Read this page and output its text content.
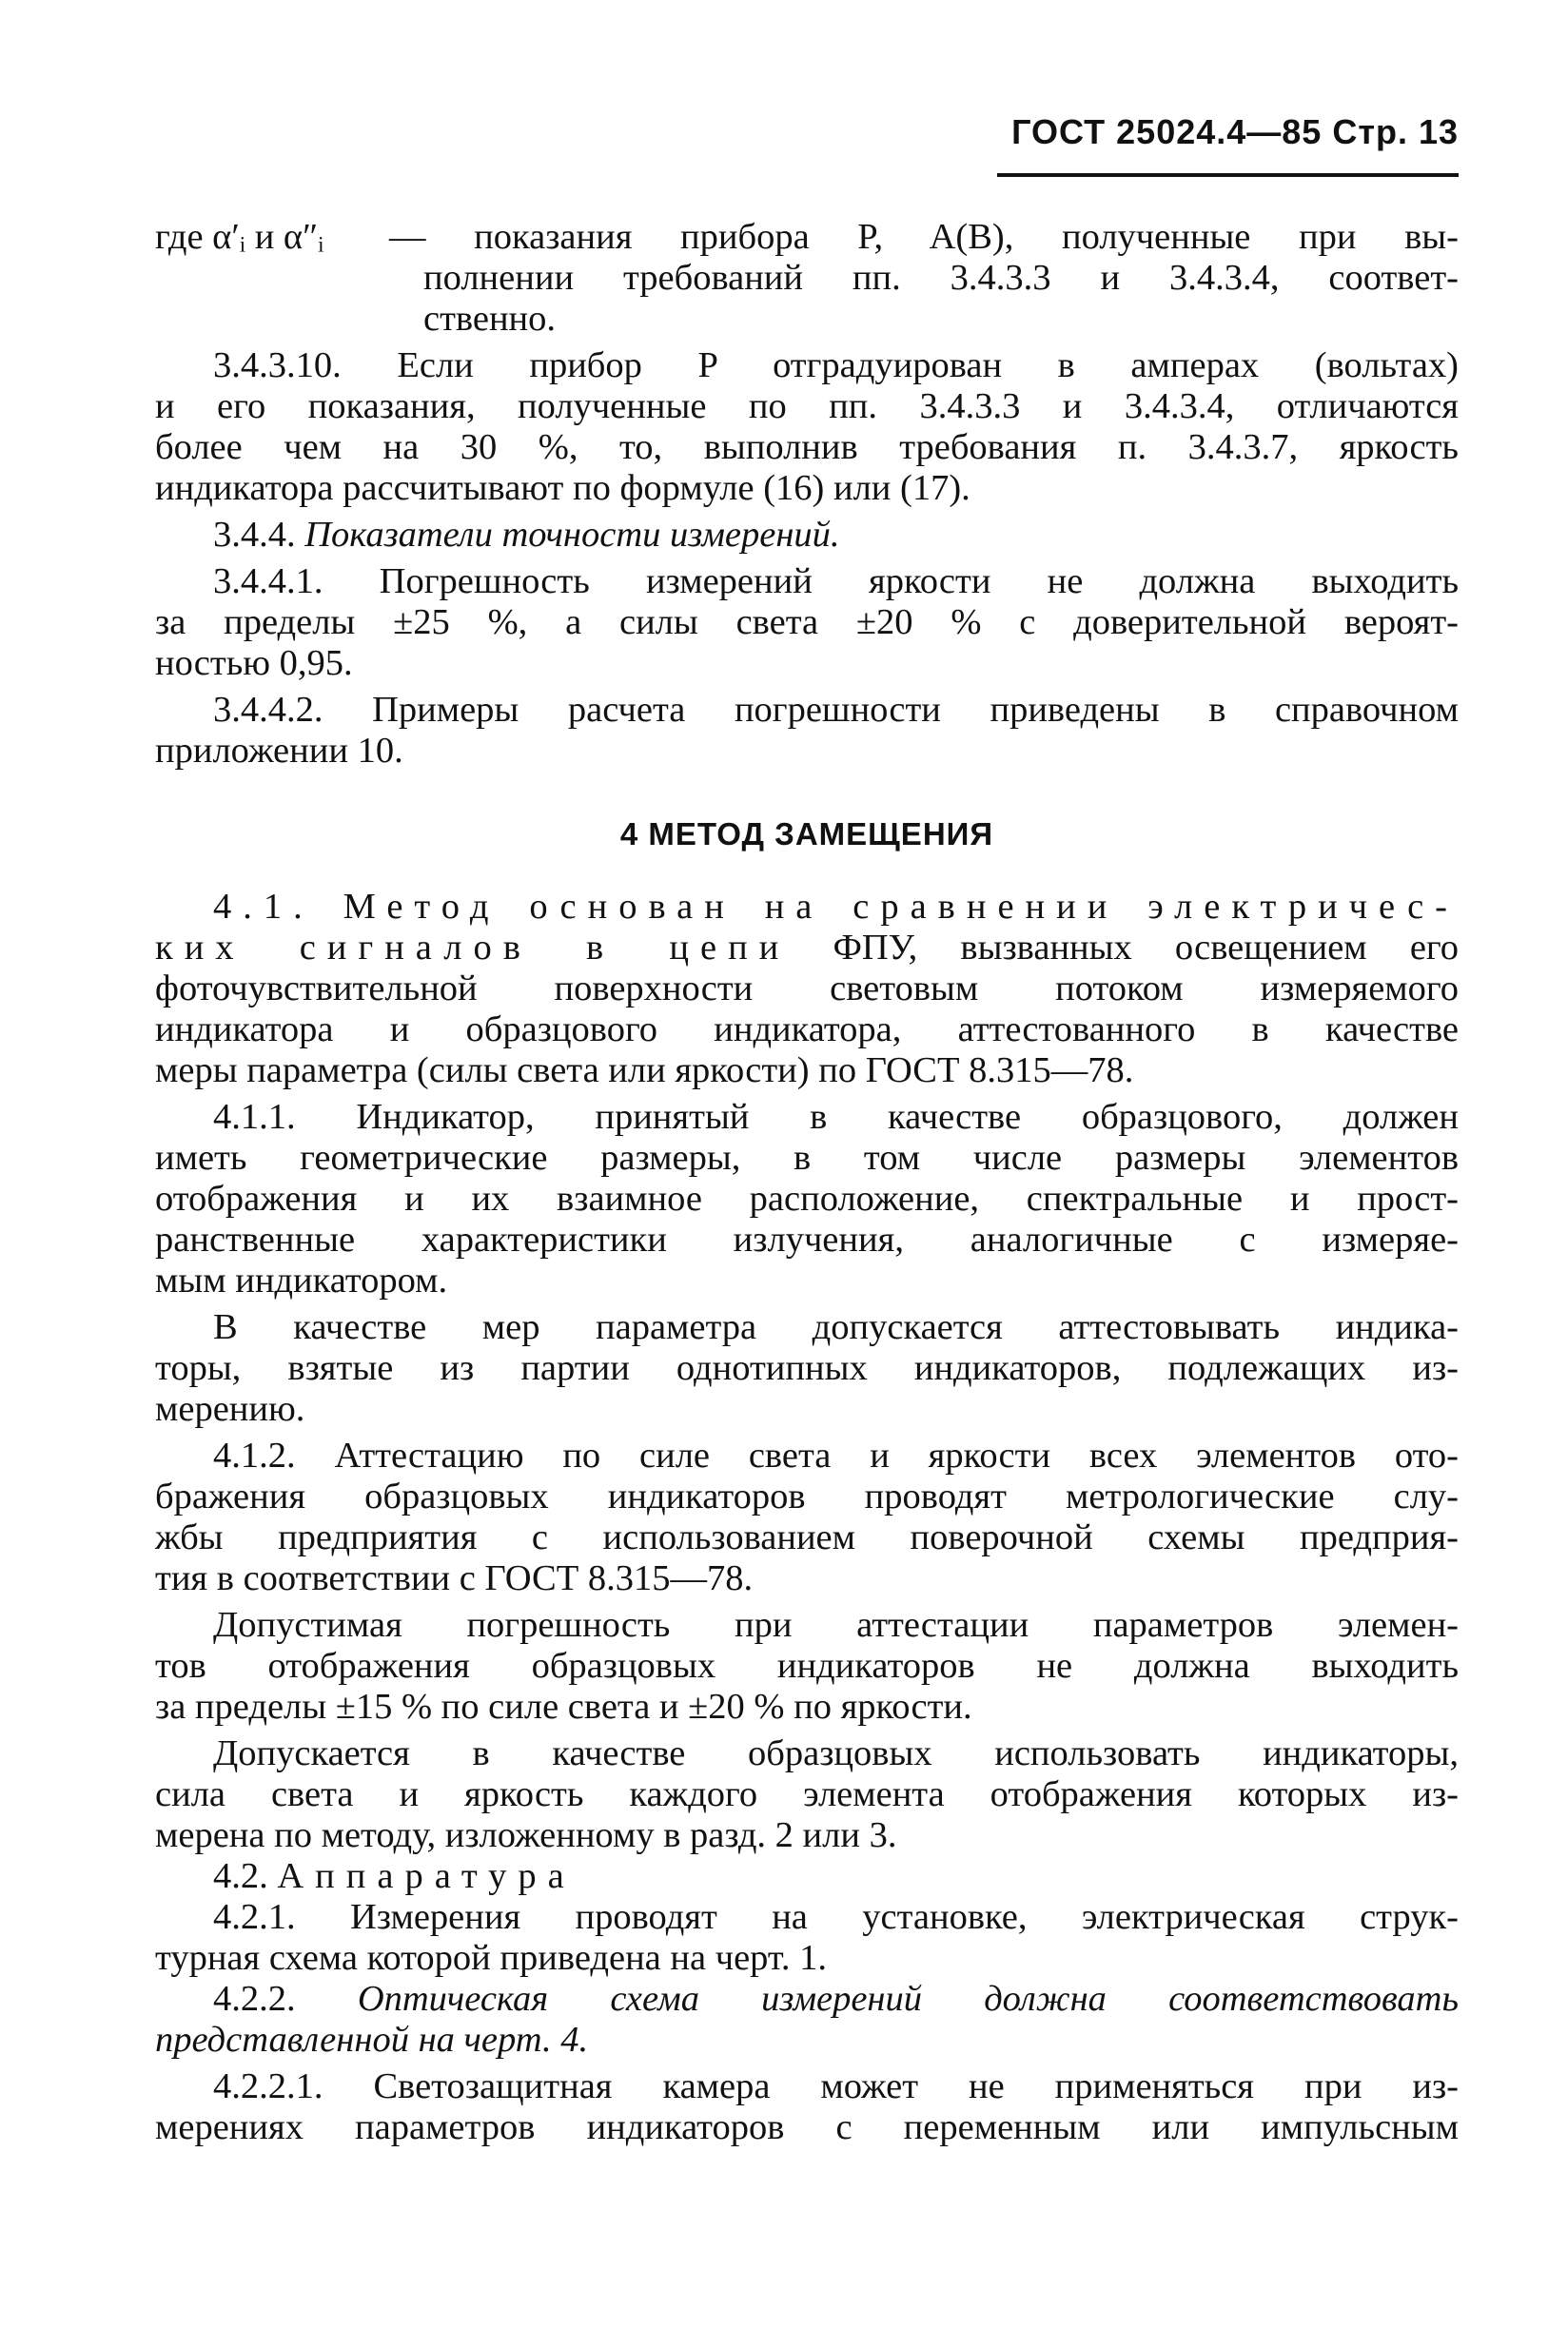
ГОСТ 25024.4—85 Стр. 13
где α′ᵢ и α″ᵢ	— показания прибора P, A(B), полученные при вы-
полнении требований пп. 3.4.3.3 и 3.4.3.4, соответ-
ственно.
3.4.3.10. Если прибор P отградуирован в амперах (вольтах)
и его показания, полученные по пп. 3.4.3.3 и 3.4.3.4, отличаются
более чем на 30 %, то, выполнив требования п. 3.4.3.7, яркость
индикатора рассчитывают по формуле (16) или (17).
3.4.4. Показатели точности измерений.
3.4.4.1. Погрешность измерений яркости не должна выходить
за пределы ±25 %, а силы света ±20 % с доверительной вероят-
ностью 0,95.
3.4.4.2. Примеры расчета погрешности приведены в справочном
приложении 10.
4 МЕТОД ЗАМЕЩЕНИЯ
4.1. Метод основан на сравнении электричес-
ких сигналов в цепи ФПУ, вызванных освещением его
фоточувствительной поверхности световым потоком измеряемого
индикатора и образцового индикатора, аттестованного в качестве
меры параметра (силы света или яркости) по ГОСТ 8.315—78.
4.1.1. Индикатор, принятый в качестве образцового, должен
иметь геометрические размеры, в том числе размеры элементов
отображения и их взаимное расположение, спектральные и прост-
ранственные характеристики излучения, аналогичные с измеряе-
мым индикатором.
В качестве мер параметра допускается аттестовывать индика-
торы, взятые из партии однотипных индикаторов, подлежащих из-
мерению.
4.1.2. Аттестацию по силе света и яркости всех элементов ото-
бражения образцовых индикаторов проводят метрологические слу-
жбы предприятия с использованием поверочной схемы предприя-
тия в соответствии с ГОСТ 8.315—78.
Допустимая погрешность при аттестации параметров элемен-
тов отображения образцовых индикаторов не должна выходить
за пределы ±15 % по силе света и ±20 % по яркости.
Допускается в качестве образцовых использовать индикаторы,
сила света и яркость каждого элемента отображения которых из-
мерена по методу, изложенному в разд. 2 или 3.
4.2. Аппаратура
4.2.1. Измерения проводят на установке, электрическая струк-
турная схема которой приведена на черт. 1.
4.2.2. Оптическая схема измерений должна соответствовать
представленной на черт. 4.
4.2.2.1. Светозащитная камера может не применяться при из-
мерениях параметров индикаторов с переменным или импульсным
